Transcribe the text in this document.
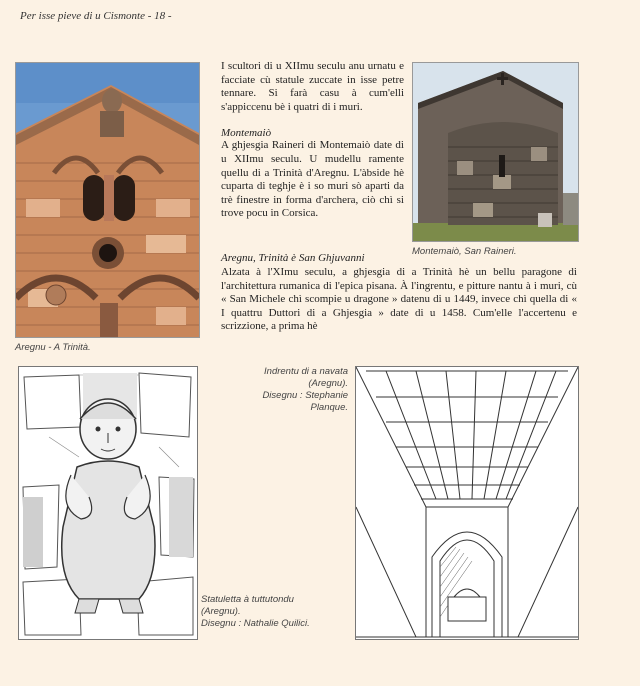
Per isse pieve di u Cismonte - 18 -

I scultori di u XIImu seculu anu urnatu e facciate cù statule zuccate in isse petre tennare. Si farà casu à cum'elli s'appiccenu bè i quatri di i muri.

Montemaiò

A ghjesgia Raineri di Montemaiò date di u XIImu seculu. U mudellu ramente quellu di a Trinità d'Aregnu. L'àbside hè cuparta di teghje è i so muri sò aparti da trè finestre in forma d'archera, ciò chì si trove pocu in Corsica.

Montemaiò, San Raineri.

Aregnu, Trinità è San Ghjuvanni

Alzata à l'XImu seculu, a ghjesgia di a Trinità hè un bellu paragone di l'architettura rumanica di l'epica pisana. À l'ingrentu, e pitture nantu à i muri, cù « San Michele chì scompie u dragone » datenu di u 1449, invece chì quella di « I quattru Duttori di a Ghjesgia » date di u 1458. Cum'elle l'accertenu e scrizzione, a prima hè

Aregnu - A Trinità.
Statuletta à tuttutondu
(Aregnu).
Disegnu : Nathalie Quilici.
Indrentu di a navata
(Aregnu).
Disegnu : Stephanie Planque.
